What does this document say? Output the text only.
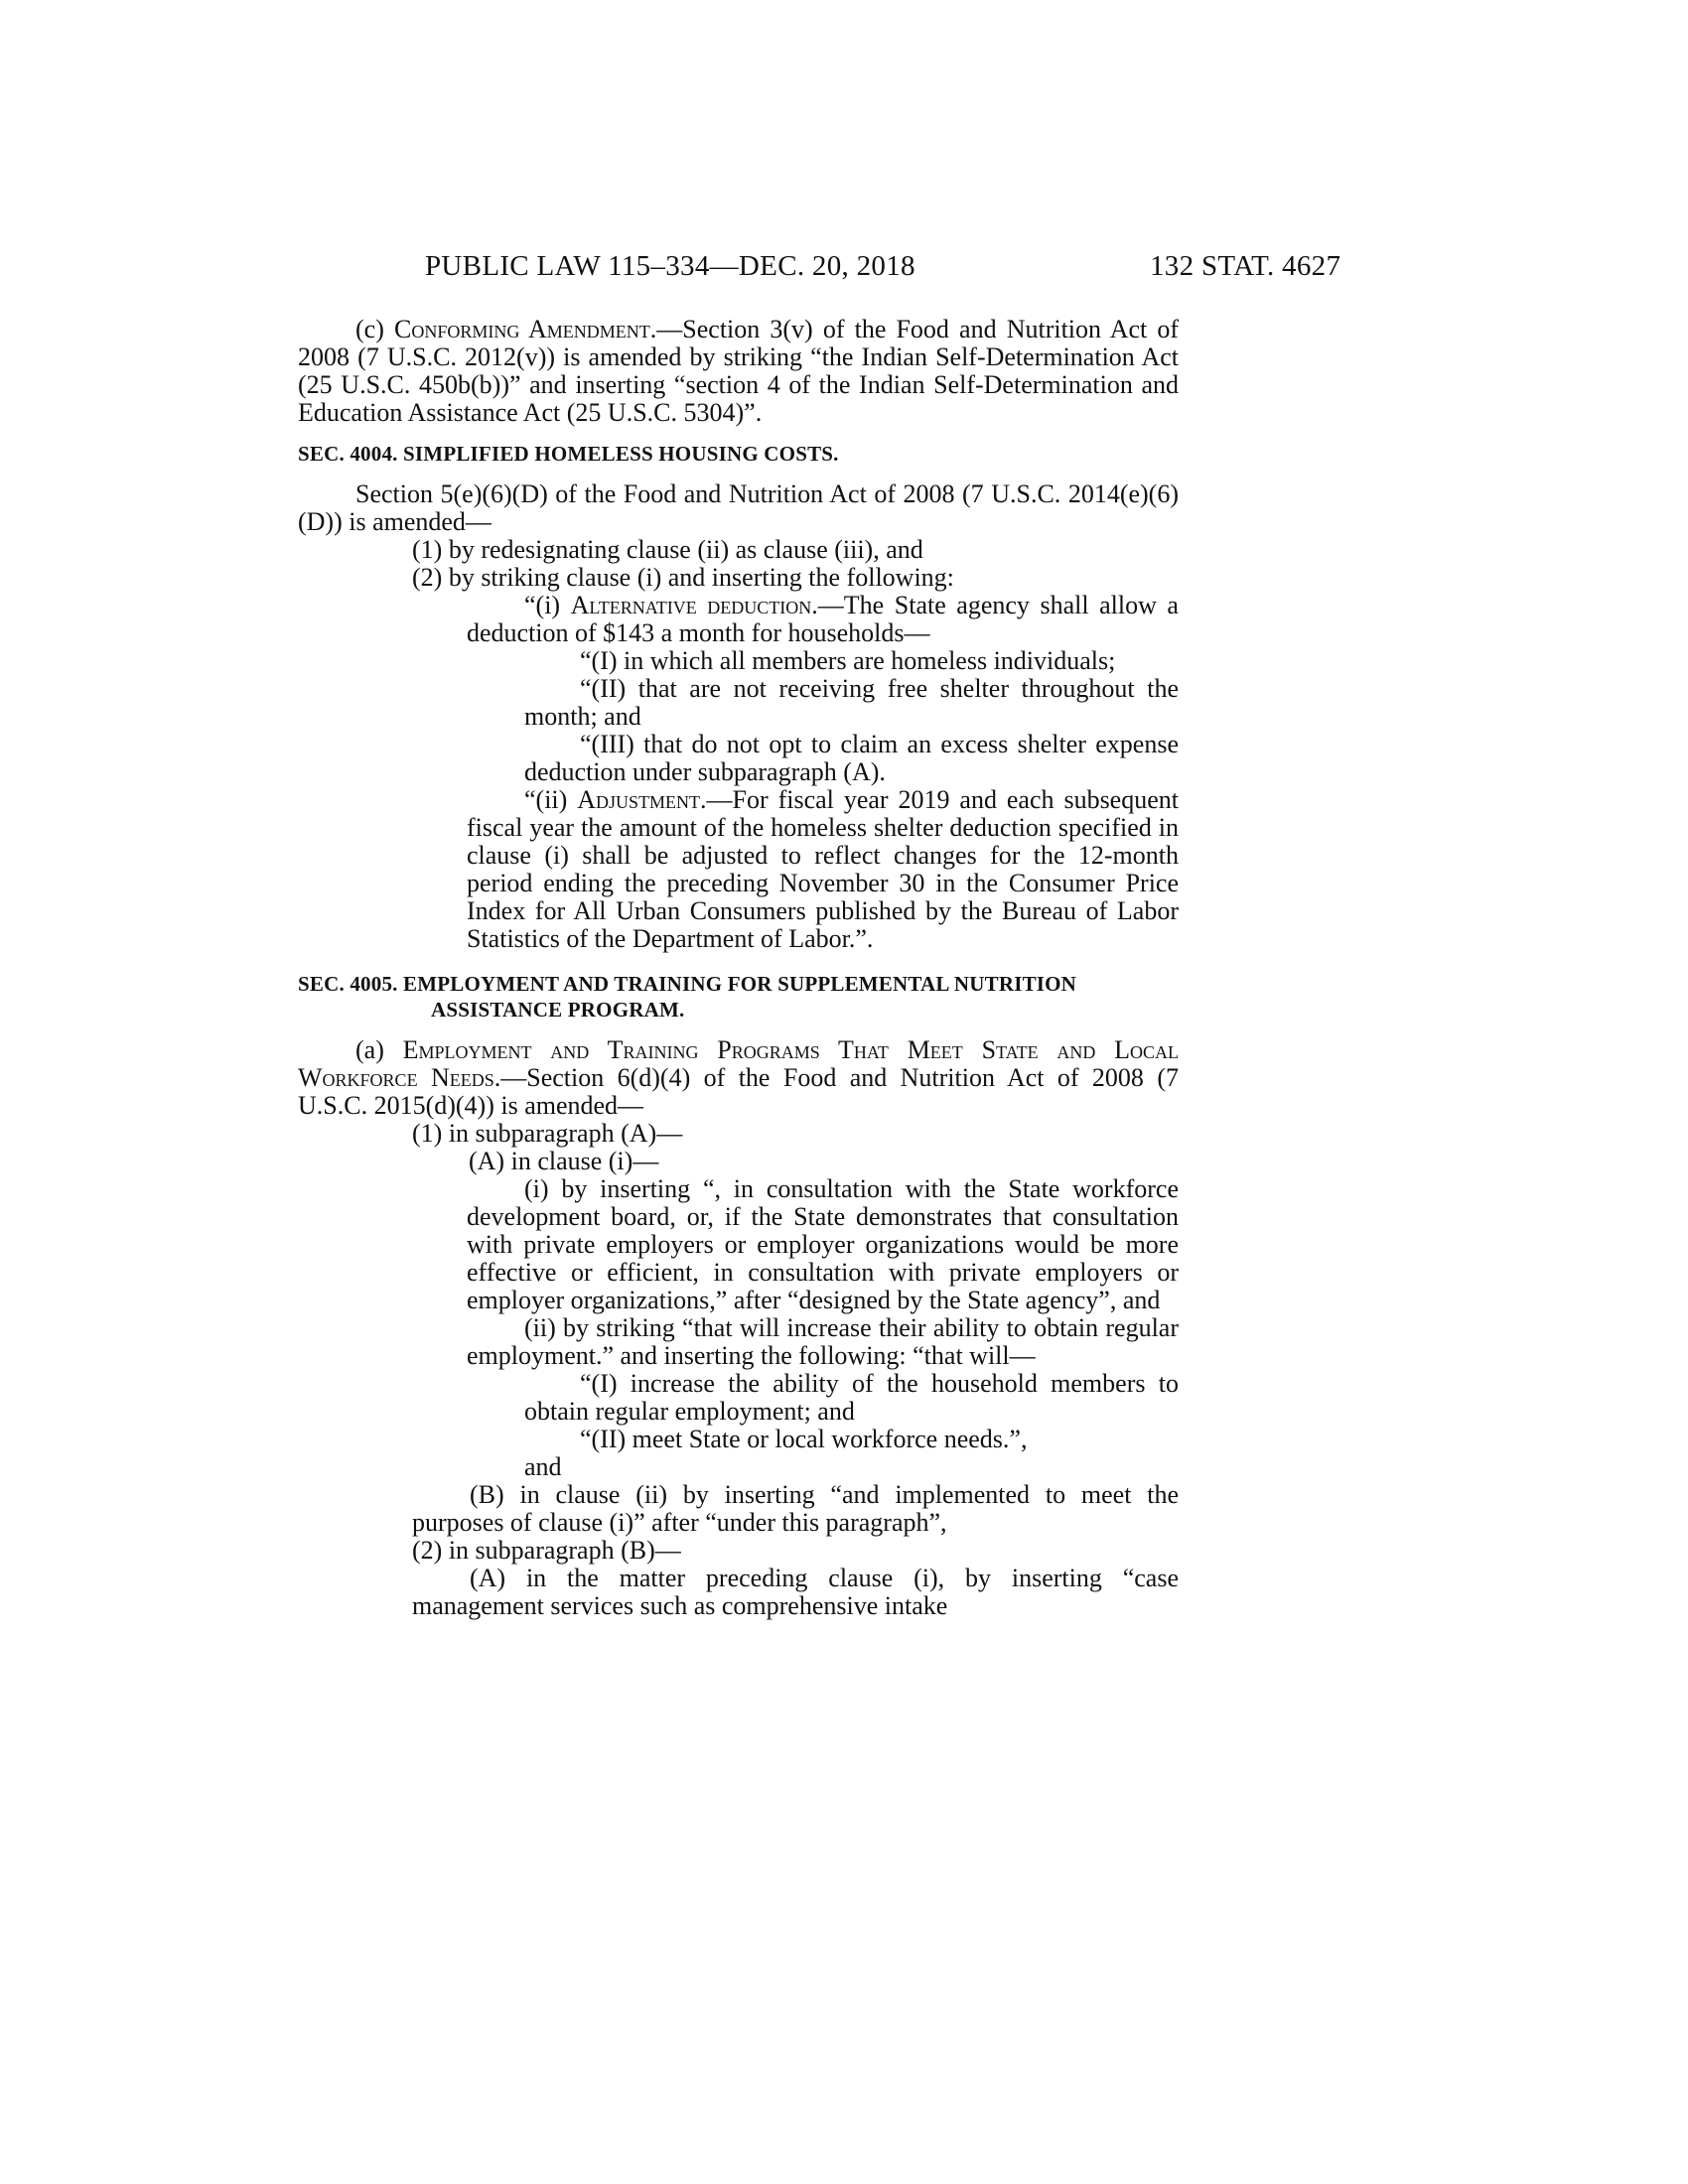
PUBLIC LAW 115–334—DEC. 20, 2018	132 STAT. 4627

(c) Conforming Amendment.—Section 3(v) of the Food and Nutrition Act of 2008 (7 U.S.C. 2012(v)) is amended by striking “the Indian Self-Determination Act (25 U.S.C. 450b(b))” and inserting “section 4 of the Indian Self-Determination and Education Assistance Act (25 U.S.C. 5304)”.

SEC. 4004. SIMPLIFIED HOMELESS HOUSING COSTS.

Section 5(e)(6)(D) of the Food and Nutrition Act of 2008 (7 U.S.C. 2014(e)(6)(D)) is amended—

(1) by redesignating clause (ii) as clause (iii), and

(2) by striking clause (i) and inserting the following:

“(i) Alternative deduction.—The State agency shall allow a deduction of $143 a month for households—

“(I) in which all members are homeless individuals;

“(II) that are not receiving free shelter throughout the month; and

“(III) that do not opt to claim an excess shelter expense deduction under subparagraph (A).

“(ii) Adjustment.—For fiscal year 2019 and each subsequent fiscal year the amount of the homeless shelter deduction specified in clause (i) shall be adjusted to reflect changes for the 12-month period ending the preceding November 30 in the Consumer Price Index for All Urban Consumers published by the Bureau of Labor Statistics of the Department of Labor.”.

SEC. 4005. EMPLOYMENT AND TRAINING FOR SUPPLEMENTAL NUTRITION ASSISTANCE PROGRAM.

(a) Employment and Training Programs That Meet State and Local Workforce Needs.—Section 6(d)(4) of the Food and Nutrition Act of 2008 (7 U.S.C. 2015(d)(4)) is amended—

(1) in subparagraph (A)—

(A) in clause (i)—

(i) by inserting “, in consultation with the State workforce development board, or, if the State demonstrates that consultation with private employers or employer organizations would be more effective or efficient, in consultation with private employers or employer organizations,” after “designed by the State agency”, and

(ii) by striking “that will increase their ability to obtain regular employment.” and inserting the following: “that will—

“(I) increase the ability of the household members to obtain regular employment; and

“(II) meet State or local workforce needs.”,

and

(B) in clause (ii) by inserting “and implemented to meet the purposes of clause (i)” after “under this paragraph”,

(2) in subparagraph (B)—

(A) in the matter preceding clause (i), by inserting “case management services such as comprehensive intake
